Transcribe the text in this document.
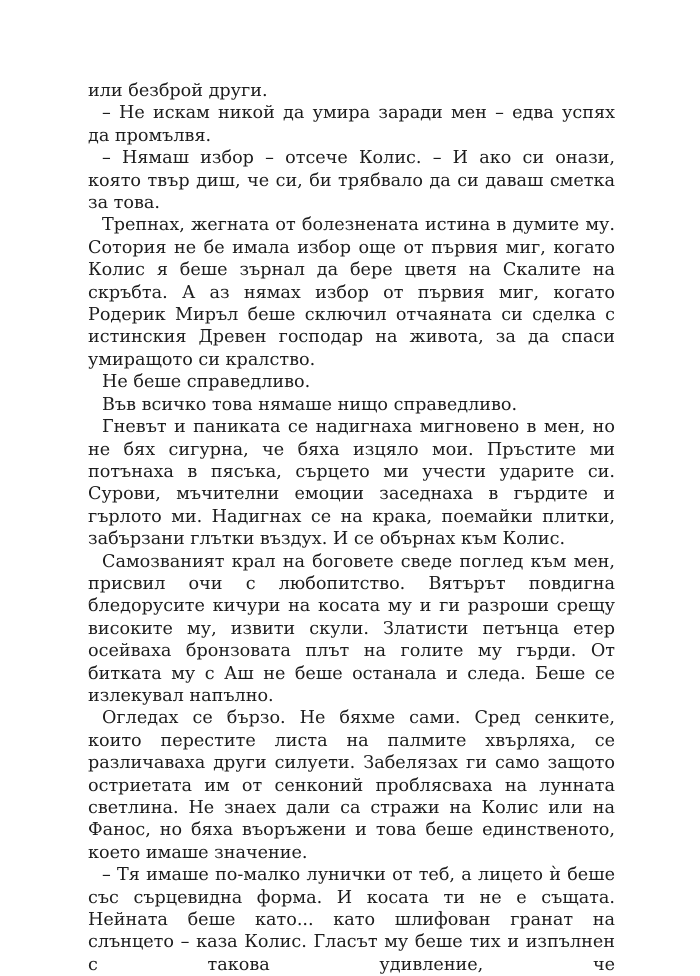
или безброй други.

– Не искам никой да умира заради мен – едва успях да промълвя.

– Нямаш избор – отсече Колис. – И ако си онази, която твър диш, че си, би трябвало да си даваш сметка за това.

Трепнах, жегната от болезнената истина в думите му. Сотория не бе имала избор още от първия миг, когато Колис я беше зърнал да бере цветя на Скалите на скръбта. А аз нямах избор от първия миг, когато Родерик Миръл беше сключил отчаяната си сделка с истинския Древен господар на живота, за да спаси умиращото си кралство.

Не беше справедливо.

Във всичко това нямаше нищо справедливо.

Гневът и паниката се надигнаха мигновено в мен, но не бях сигурна, че бяха изцяло мои. Пръстите ми потънаха в пясъка, сърцето ми учести ударите си. Сурови, мъчителни емоции заседнаха в гърдите и гърлото ми. Надигнах се на крака, поемайки плитки, забързани глътки въздух. И се обърнах към Колис.

Самозваният крал на боговете сведе поглед към мен, присвил очи с любопитство. Вятърът повдигна бледорусите кичури на косата му и ги разроши срещу високите му, извити скули. Златисти петънца етер осейваха бронзовата плът на голите му гърди. От битката му с Аш не беше останала и следа. Беше се излекувал напълно.

Огледах се бързо. Не бяхме сами. Сред сенките, които перестите листа на палмите хвърляха, се различаваха други силуети. Забелязах ги само защото остриетата им от сенконий проблясваха на лунната светлина. Не знаех дали са стражи на Колис или на Фанос, но бяха въоръжени и това беше единственото, което имаше значение.

– Тя имаше по-малко лунички от теб, а лицето ѝ беше със сърцевидна форма. И косата ти не е същата. Нейната беше като... като шлифован гранат на слънцето – каза Колис. Гласът му беше тих и изпълнен с такова удивление, че
